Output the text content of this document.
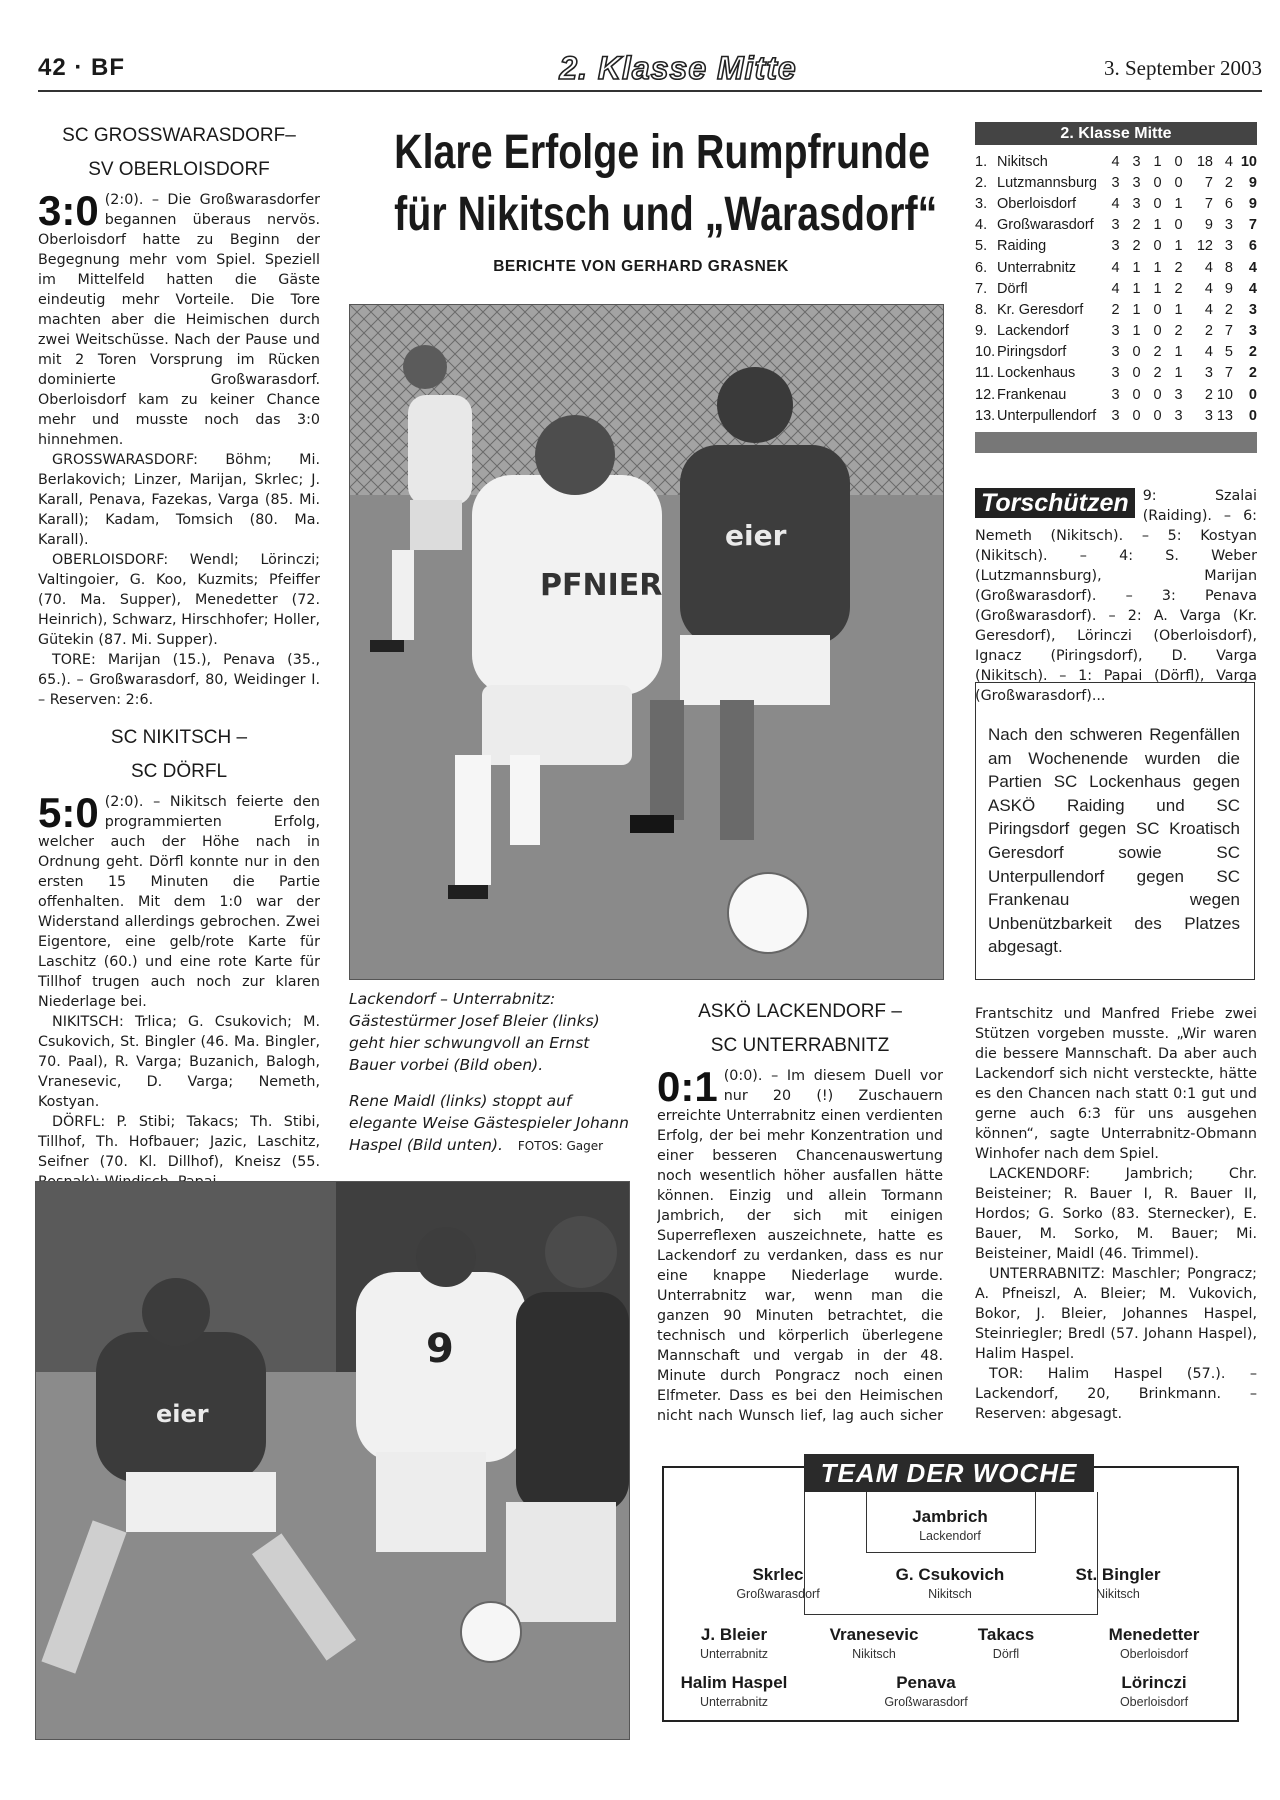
42 · BF	2. Klasse Mitte	3. September 2003
SC GROSSWARASDORF–
SV OBERLOISDORF
3:0 (2:0). – Die Großwarasdorfer begannen überaus nervös. Oberloisdorf hatte zu Beginn der Begegnung mehr vom Spiel. Speziell im Mittelfeld hatten die Gäste eindeutig mehr Vorteile. Die Tore machten aber die Heimischen durch zwei Weitschüsse. Nach der Pause und mit 2 Toren Vorsprung im Rücken dominierte Großwarasdorf. Oberloisdorf kam zu keiner Chance mehr und musste noch das 3:0 hinnehmen.

GROSSWARASDORF: Böhm; Mi. Berlakovich; Linzer, Marijan, Skrlec; J. Karall, Penava, Fazekas, Varga (85. Mi. Karall); Kadam, Tomsich (80. Ma. Karall).

OBERLOISDORF: Wendl; Lörinczi; Valtingoier, G. Koo, Kuzmits; Pfeiffer (70. Ma. Supper), Menedetter (72. Heinrich), Schwarz, Hirschhofer; Holler, Gütekin (87. Mi. Supper).

TORE: Marijan (15.), Penava (35., 65.). – Großwarasdorf, 80, Weidinger I. – Reserven: 2:6.

SC NIKITSCH –
SC DÖRFL
5:0 (2:0). – Nikitsch feierte den programmierten Erfolg, welcher auch der Höhe nach in Ordnung geht. Dörfl konnte nur in den ersten 15 Minuten die Partie offenhalten. Mit dem 1:0 war der Widerstand allerdings gebrochen. Zwei Eigentore, eine gelb/rote Karte für Laschitz (60.) und eine rote Karte für Tillhof trugen auch noch zur klaren Niederlage bei.

NIKITSCH: Trlica; G. Csukovich; M. Csukovich, St. Bingler (46. Ma. Bingler, 70. Paal), R. Varga; Buzanich, Balogh, Vranesevic, D. Varga; Nemeth, Kostyan.

DÖRFL: P. Stibi; Takacs; Th. Stibi, Tillhof, Th. Hofbauer; Jazic, Laschitz, Seifner (70. Kl. Dillhof), Kneisz (55.

Klare Erfolge in Rumpfrunde
für Nikitsch und „Warasdorf“
BERICHTE VON GERHARD GRASNEK
PFNIER
eier

Lackendorf – Unterrabnitz: Gästestürmer Josef Bleier (links) geht hier schwungvoll an Ernst Bauer vorbei (Bild oben).

Rene Maidl (links) stoppt auf elegante Weise Gästespieler Johann Haspel (Bild unten). FOTOS: Gager

eier
9
ASKÖ LACKENDORF –
SC UNTERRABNITZ
0:1 (0:0). – Im diesem Duell vor nur 20 (!) Zuschauern erreichte Unterrabnitz einen verdienten Erfolg, der bei mehr Konzentration und einer besseren Chancenauswertung noch wesentlich höher ausfallen hätte können. Einzig und allein Tormann Jambrich, der sich mit einigen Superreflexen auszeichnete, hatte es Lackendorf zu verdanken, dass es nur eine knappe Niederlage wurde. Unterrabnitz war, wenn man die ganzen 90 Minuten betrachtet, die technisch und körperlich überlegene Mannschaft und vergab in der 48. Minute durch Pongracz noch einen Elfmeter. Dass es bei den Heimischen nicht nach Wunsch lief, lag auch sicher

2. Klasse Mitte
1.	Nikitsch	4	3	1	0	18	4	10
2.	Lutzmannsburg	3	3	0	0	7	2	9
3.	Oberloisdorf	4	3	0	1	7	6	9
4.	Großwarasdorf	3	2	1	0	9	3	7
5.	Raiding	3	2	0	1	12	3	6
6.	Unterrabnitz	4	1	1	2	4	8	4
7.	Dörfl	4	1	1	2	4	9	4
8.	Kr. Geresdorf	2	1	0	1	4	2	3
9.	Lackendorf	3	1	0	2	2	7	3
10.	Piringsdorf	3	0	2	1	4	5	2
11.	Lockenhaus	3	0	2	1	3	7	2
12.	Frankenau	3	0	0	3	2	10	0
13.	Unterpullendorf	3	0	0	3	3	13	0
Torschützen 9: Szalai (Raiding). – 6: Nemeth (Nikitsch). – 5: Kostyan (Nikitsch). – 4: S. Weber (Lutzmannsburg), Marijan (Großwarasdorf). – 3: Penava (Großwarasdorf). – 2: A. Varga (Kr. Geresdorf), Lörinczi (Oberloisdorf), Ignacz (Piringsdorf), D. Varga (Nikitsch). – 1: Papai (Dörfl), Varga (Großwarasdorf)...

Nach den schweren Regenfällen am Wochenende wurden die Partien SC Lockenhaus gegen ASKÖ Raiding und SC Piringsdorf gegen SC Kroatisch Geresdorf sowie SC Unterpullendorf gegen SC Frankenau wegen Unbenützbarkeit des Platzes abgesagt.

Frantschitz und Manfred Friebe zwei Stützen vorgeben musste. „Wir waren die bessere Mannschaft. Da aber auch Lackendorf sich nicht versteckte, hätte es den Chancen nach statt 0:1 gut und gerne auch 6:3 für uns ausgehen können“, sagte Unterrabnitz-Obmann Winhofer nach dem Spiel.

LACKENDORF: Jambrich; Chr. Beisteiner; R. Bauer I, R. Bauer II, Hordos; G. Sorko (83. Sternecker), E. Bauer, M. Sorko, M. Bauer; Mi. Beisteiner, Maidl (46. Trimmel).

UNTERRABNITZ: Maschler; Pongracz; A. Pfneiszl, A. Bleier; M. Vukovich, Bokor, J. Bleier, Johannes Haspel, Steinriegler; Bredl (57. Johann Haspel), Halim Haspel.

TOR: Halim Haspel (57.). – Lackendorf, 20, Brinkmann. – Reserven: abgesagt.

TEAM DER WOCHE
Jambrich
Lackendorf
Skrlec
Großwarasdorf
G. Csukovich
Nikitsch
St. Bingler
Nikitsch
J. Bleier
Unterrabnitz
Vranesevic
Nikitsch
Takacs
Dörfl
Menedetter
Oberloisdorf
Halim Haspel
Unterrabnitz
Penava
Großwarasdorf
Lörinczi
Oberloisdorf
